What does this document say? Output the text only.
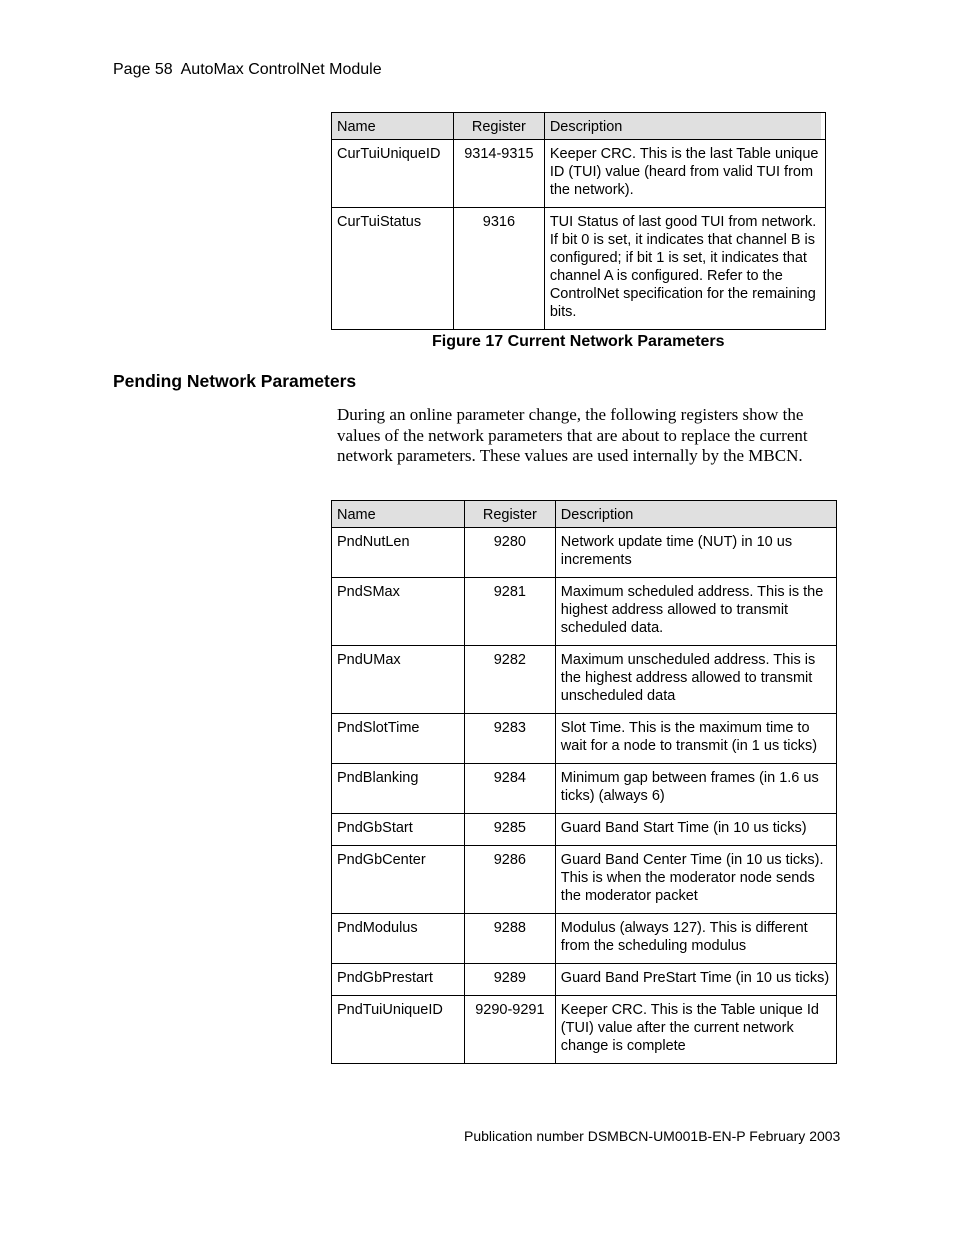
Page 58  AutoMax ControlNet Module
Name	Register	Description
CurTuiUniqueID	9314-9315	Keeper CRC. This is the last Table unique ID (TUI) value (heard from valid TUI from the network).
CurTuiStatus	9316	TUI Status of last good TUI from network. If bit 0 is set, it indicates that channel B is configured; if bit 1 is set, it indicates that channel A is configured. Refer to the ControlNet specification for the remaining bits.
Figure 17 Current Network Parameters
Pending Network Parameters

During an online parameter change, the following registers show the values of the network parameters that are about to replace the current network parameters. These values are used internally by the MBCN.

Name	Register	Description
PndNutLen	9280	Network update time (NUT) in 10 us increments
PndSMax	9281	Maximum scheduled address. This is the highest address allowed to transmit scheduled data.
PndUMax	9282	Maximum unscheduled address. This is the highest address allowed to transmit unscheduled data
PndSlotTime	9283	Slot Time. This is the maximum time to wait for a node to transmit (in 1 us ticks)
PndBlanking	9284	Minimum gap between frames (in 1.6 us ticks) (always 6)
PndGbStart	9285	Guard Band Start Time (in 10 us ticks)
PndGbCenter	9286	Guard Band Center Time (in 10 us ticks). This is when the moderator node sends the moderator packet
PndModulus	9288	Modulus (always 127). This is different from the scheduling modulus
PndGbPrestart	9289	Guard Band PreStart Time (in 10 us ticks)
PndTuiUniqueID	9290-9291	Keeper CRC. This is the Table unique Id (TUI) value after the current network change is complete
Publication number DSMBCN-UM001B-EN-P February 2003
